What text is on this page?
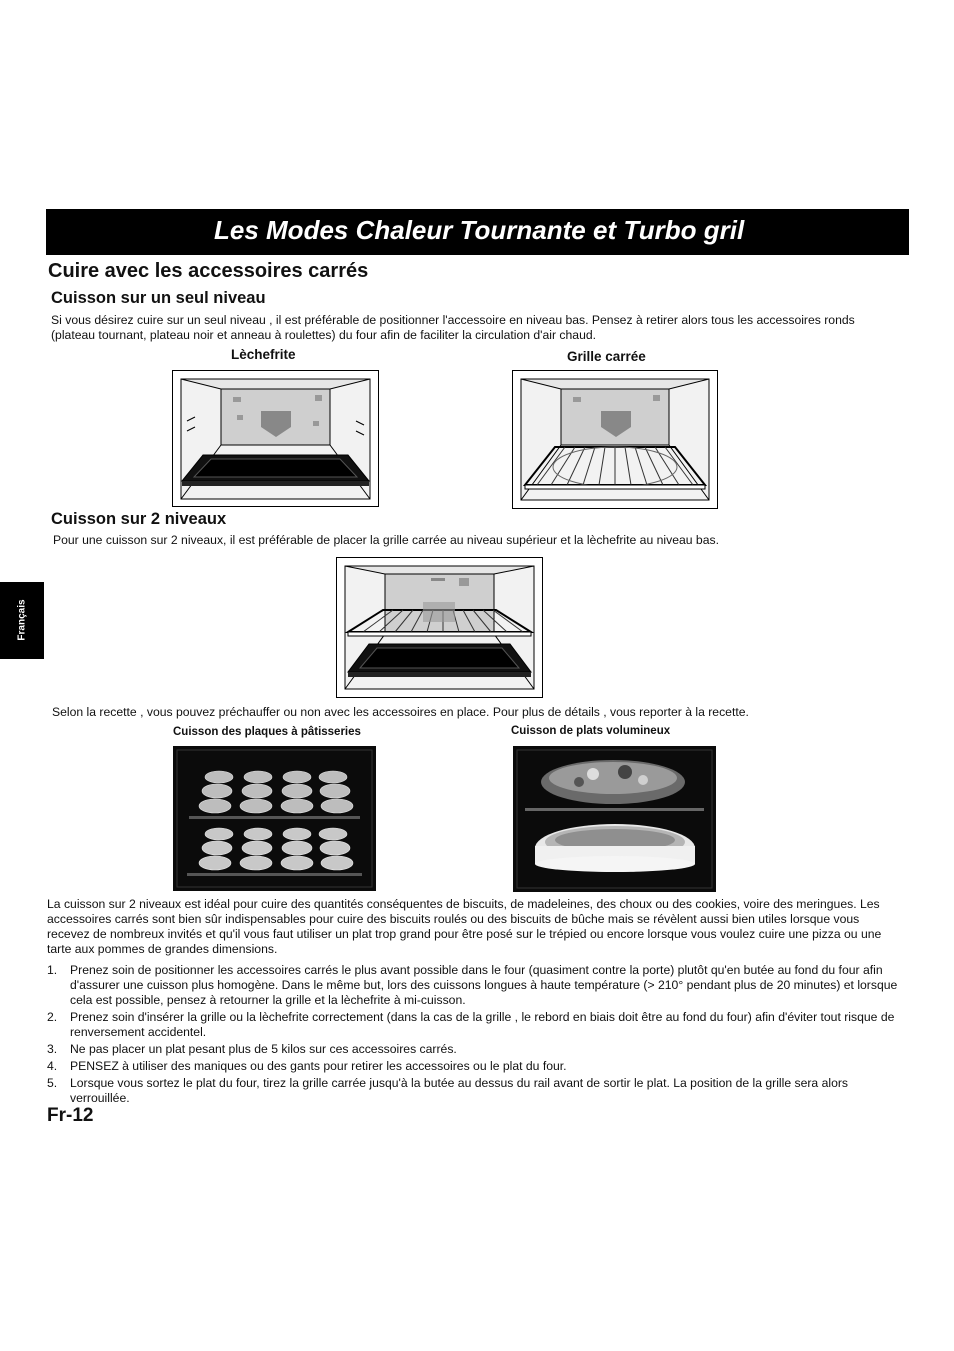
Les Modes Chaleur Tournante et Turbo gril
Cuire avec les accessoires carrés
Cuisson sur un seul niveau
Si vous désirez cuire sur un seul niveau , il est préférable de positionner l'accessoire en niveau bas. Pensez à retirer alors tous les accessoires ronds (plateau tournant, plateau noir et anneau à roulettes) du four afin de faciliter la circulation d'air chaud.
Lèchefrite	Grille carrée
Cuisson sur 2 niveaux
Pour une cuisson sur 2 niveaux, il est préférable de placer la grille carrée au niveau supérieur et la lèchefrite au niveau bas.
Français
Selon la recette , vous pouvez préchauffer ou non avec les accessoires en place. Pour plus de détails , vous reporter à la recette.
Cuisson des plaques à pâtisseries	Cuisson de plats volumineux
La cuisson sur 2 niveaux est idéal pour cuire des quantités conséquentes de biscuits, de madeleines, des choux ou des cookies, voire des meringues. Les accessoires carrés sont bien sûr indispensables pour cuire des biscuits roulés ou des biscuits de bûche mais se révèlent aussi bien utiles lorsque vous recevez de nombreux invités et qu'il vous faut utiliser un plat trop grand pour être posé sur le trépied ou encore lorsque vous voulez cuire une pizza ou une tarte aux pommes de grandes dimensions.
1. Prenez soin de positionner les accessoires carrés le plus avant possible dans le four (quasiment contre la porte) plutôt qu'en butée au fond du four afin d'assurer une cuisson plus homogène. Dans le même but, lors des cuissons longues à haute température (> 210° pendant plus de 20 minutes) et lorsque cela est possible, pensez à retourner la grille et la lèchefrite à mi-cuisson.
2. Prenez soin d'insérer la grille ou la lèchefrite correctement (dans la cas de la grille , le rebord en biais doit être au fond du four) afin d'éviter tout risque de renversement accidentel.
3. Ne pas placer un plat pesant plus de 5 kilos sur ces accessoires carrés.
4. PENSEZ à utiliser des maniques ou des gants pour retirer les accessoires ou le plat du four.
5. Lorsque vous sortez le plat du four, tirez la grille carrée jusqu'à la butée au dessus du rail avant de sortir le plat. La position de la grille sera alors verrouillée.
Fr-12
